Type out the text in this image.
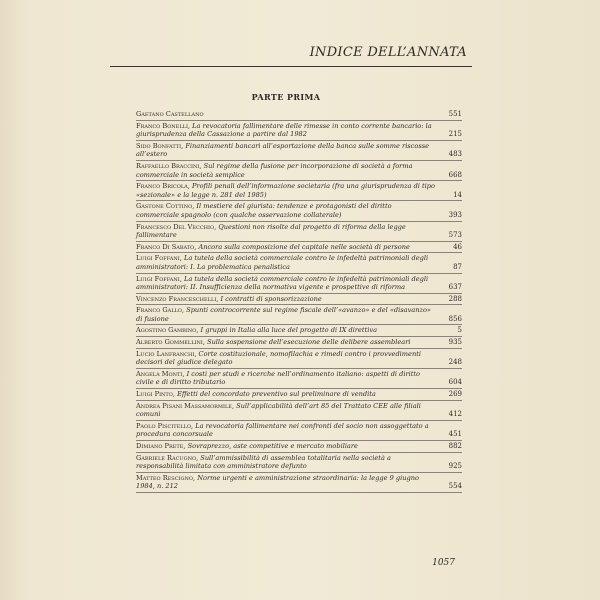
INDICE DELL’ANNATA
PARTE PRIMA
Gaetano Castellano	551
Franco Bonelli, La revocatoria fallimentare delle rimesse in conto corrente bancario: la giurisprudenza della Cassazione a partire dal 1982	215
Sido Bonfatti, Finanziamenti bancari all’esportazione della banca sulle somme riscosse all’estero	483
Raffaello Braccini, Sul regime della fusione per incorporazione di società a forma commerciale in società semplice	668
Franco Bricola, Profili penali dell’informazione societaria (fra una giurisprudenza di tipo «sezionale» e la legge n. 281 del 1985)	14
Gastone Cottino, Il mestiere del giurista: tendenze e protagonisti del diritto commerciale spagnolo (con qualche osservazione collaterale)	393
Francesco Del Vecchio, Questioni non risolte dal progetto di riforma della legge fallimentare	573
Franco Di Sabato, Ancora sulla composizione del capitale nelle società di persone	46
Luigi Foffani, La tutela della società commerciale contro le infedeltà patrimoniali degli amministratori: I. La problematica penalistica	87
Luigi Foffani, La tutela della società commerciale contro le infedeltà patrimoniali degli amministratori: II. Insufficienza della normativa vigente e prospettive di riforma	637
Vincenzo Franceschelli, I contratti di sponsorizzazione	288
Franco Gallo, Spunti controcorrente sul regime fiscale dell’«avanzo» e del «disavanzo» di fusione	856
Agostino Gambino, I gruppi in Italia alla luce del progetto di IX direttiva	5
Alberto Gommellini, Sulla sospensione dell’esecuzione delle delibere assembleari	935
Lucio Lanfranchi, Corte costituzionale, nomofilachia e rimedi contro i provvedimenti decisori del giudice delegato	248
Angela Monti, I costi per studi e ricerche nell’ordinamento italiano: aspetti di diritto civile e di diritto tributario	604
Luigi Pinto, Effetti del concordato preventivo sul preliminare di vendita	269
Andrea Pisani Massamormile, Sull’applicabilità dell’art 85 del Trattato CEE alle filiali comuni	412
Paolo Piscitello, La revocatoria fallimentare nei confronti del socio non assoggettato a procedura concorsuale	451
Dimiano Prete, Sovraprezzo, aste competitive e mercato mobiliare	882
Gabriele Racugno, Sull’ammissibilità di assemblea totalitaria nella società a responsabilità limitata con amministratore defunto	925
Matteo Rescigno, Norme urgenti e amministrazione straordinaria: la legge 9 giugno 1984, n. 212	554
1057
